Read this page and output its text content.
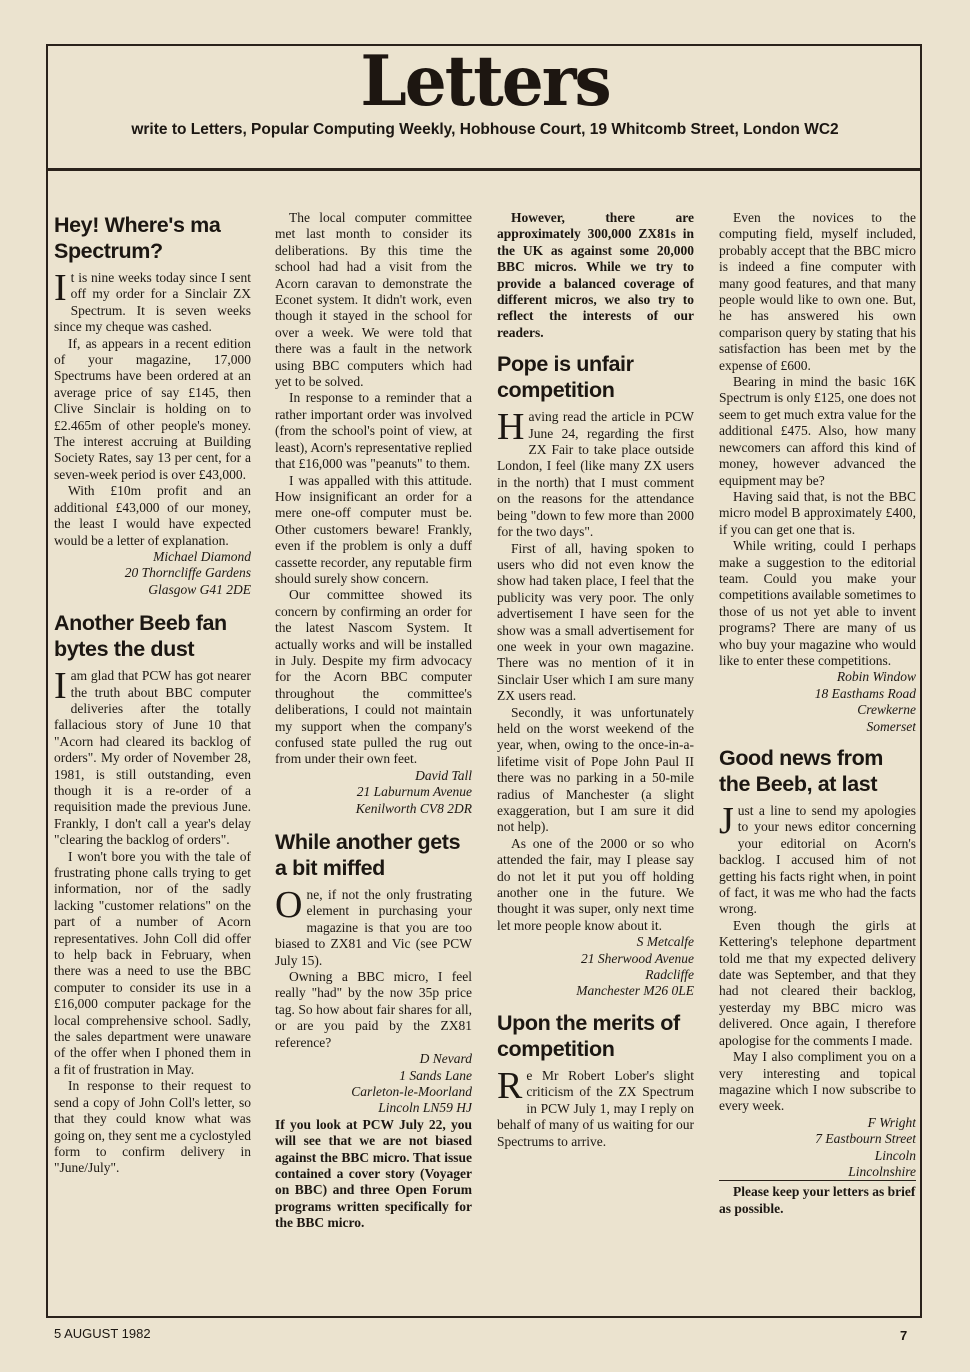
Letters
write to Letters, Popular Computing Weekly, Hobhouse Court, 19 Whitcomb Street, London WC2
Hey! Where's ma Spectrum?

It is nine weeks today since I sent off my order for a Sinclair ZX Spectrum. It is seven weeks since my cheque was cashed.

If, as appears in a recent edition of your magazine, 17,000 Spectrums have been ordered at an average price of say £145, then Clive Sinclair is holding on to £2.465m of other people's money. The interest accruing at Building Society Rates, say 13 per cent, for a seven-week period is over £43,000.

With £10m profit and an additional £43,000 of our money, the least I would have expected would be a letter of explanation.

Michael Diamond

20 Thorncliffe Gardens

Glasgow G41 2DE

Another Beeb fan bytes the dust

I am glad that PCW has got nearer the truth about BBC computer deliveries after the totally fallacious story of June 10 that "Acorn had cleared its backlog of orders". My order of November 28, 1981, is still outstanding, even though it is a re-order of a requisition made the previous June. Frankly, I don't call a year's delay "clearing the backlog of orders".

I won't bore you with the tale of frustrating phone calls trying to get information, nor of the sadly lacking "customer relations" on the part of a number of Acorn representatives. John Coll did offer to help back in February, when there was a need to use the BBC computer to consider its use in a £16,000 computer package for the local comprehensive school. Sadly, the sales department were unaware of the offer when I phoned them in a fit of frustration in May.

In response to their request to send a copy of John Coll's letter, so that they could know what was going on, they sent me a cyclostyled form to confirm delivery in "June/July".

The local computer committee met last month to consider its deliberations. By this time the school had had a visit from the Acorn caravan to demonstrate the Econet system. It didn't work, even though it stayed in the school for over a week. We were told that there was a fault in the network using BBC computers which had yet to be solved.

In response to a reminder that a rather important order was involved (from the school's point of view, at least), Acorn's representative replied that £16,000 was "peanuts" to them.

I was appalled with this attitude. How insignificant an order for a mere one-off computer must be. Other customers beware! Frankly, even if the problem is only a duff cassette recorder, any reputable firm should surely show concern.

Our committee showed its concern by confirming an order for the latest Nascom System. It actually works and will be installed in July. Despite my firm advocacy for the Acorn BBC computer throughout the committee's deliberations, I could not maintain my support when the company's confused state pulled the rug out from under their own feet.

David Tall

21 Laburnum Avenue

Kenilworth CV8 2DR

While another gets a bit miffed

One, if not the only frustrating element in purchasing your magazine is that you are too biased to ZX81 and Vic (see PCW July 15).

Owning a BBC micro, I feel really "had" by the now 35p price tag. So how about fair shares for all, or are you paid by the ZX81 reference?

D Nevard

1 Sands Lane

Carleton-le-Moorland

Lincoln LN59 HJ

If you look at PCW July 22, you will see that we are not biased against the BBC micro. That issue contained a cover story (Voyager on BBC) and three Open Forum programs written specifically for the BBC micro.

However, there are approximately 300,000 ZX81s in the UK as against some 20,000 BBC micros. While we try to provide a balanced coverage of different micros, we also try to reflect the interests of our readers.

Pope is unfair competition

Having read the article in PCW June 24, regarding the first ZX Fair to take place outside London, I feel (like many ZX users in the north) that I must comment on the reasons for the attendance being "down to few more than 2000 for the two days".

First of all, having spoken to users who did not even know the show had taken place, I feel that the publicity was very poor. The only advertisement I have seen for the show was a small advertisement for one week in your own magazine. There was no mention of it in Sinclair User which I am sure many ZX users read.

Secondly, it was unfortunately held on the worst weekend of the year, when, owing to the once-in-a-lifetime visit of Pope John Paul II there was no parking in a 50-mile radius of Manchester (a slight exaggeration, but I am sure it did not help).

As one of the 2000 or so who attended the fair, may I please say do not let it put you off holding another one in the future. We thought it was super, only next time let more people know about it.

S Metcalfe

21 Sherwood Avenue

Radcliffe

Manchester M26 0LE

Upon the merits of competition

Re Mr Robert Lober's slight criticism of the ZX Spectrum in PCW July 1, may I reply on behalf of many of us waiting for our Spectrums to arrive.

Even the novices to the computing field, myself included, probably accept that the BBC micro is indeed a fine computer with many good features, and that many people would like to own one. But, he has answered his own comparison query by stating that his satisfaction has been met by the expense of £600.

Bearing in mind the basic 16K Spectrum is only £125, one does not seem to get much extra value for the additional £475. Also, how many newcomers can afford this kind of money, however advanced the equipment may be?

Having said that, is not the BBC micro model B approximately £400, if you can get one that is.

While writing, could I perhaps make a suggestion to the editorial team. Could you make your competitions available sometimes to those of us not yet able to invent programs? There are many of us who buy your magazine who would like to enter these competitions.

Robin Window

18 Easthams Road

Crewkerne

Somerset

Good news from the Beeb, at last

Just a line to send my apologies to your news editor concerning your editorial on Acorn's backlog. I accused him of not getting his facts right when, in point of fact, it was me who had the facts wrong.

Even though the girls at Kettering's telephone department told me that my expected delivery date was September, and that they had not cleared their backlog, yesterday my BBC micro was delivered. Once again, I therefore apologise for the comments I made.

May I also compliment you on a very interesting and topical magazine which I now subscribe to every week.

F Wright

7 Eastbourn Street

Lincoln

Lincolnshire

Please keep your letters as brief as possible.

5 AUGUST 1982	7
